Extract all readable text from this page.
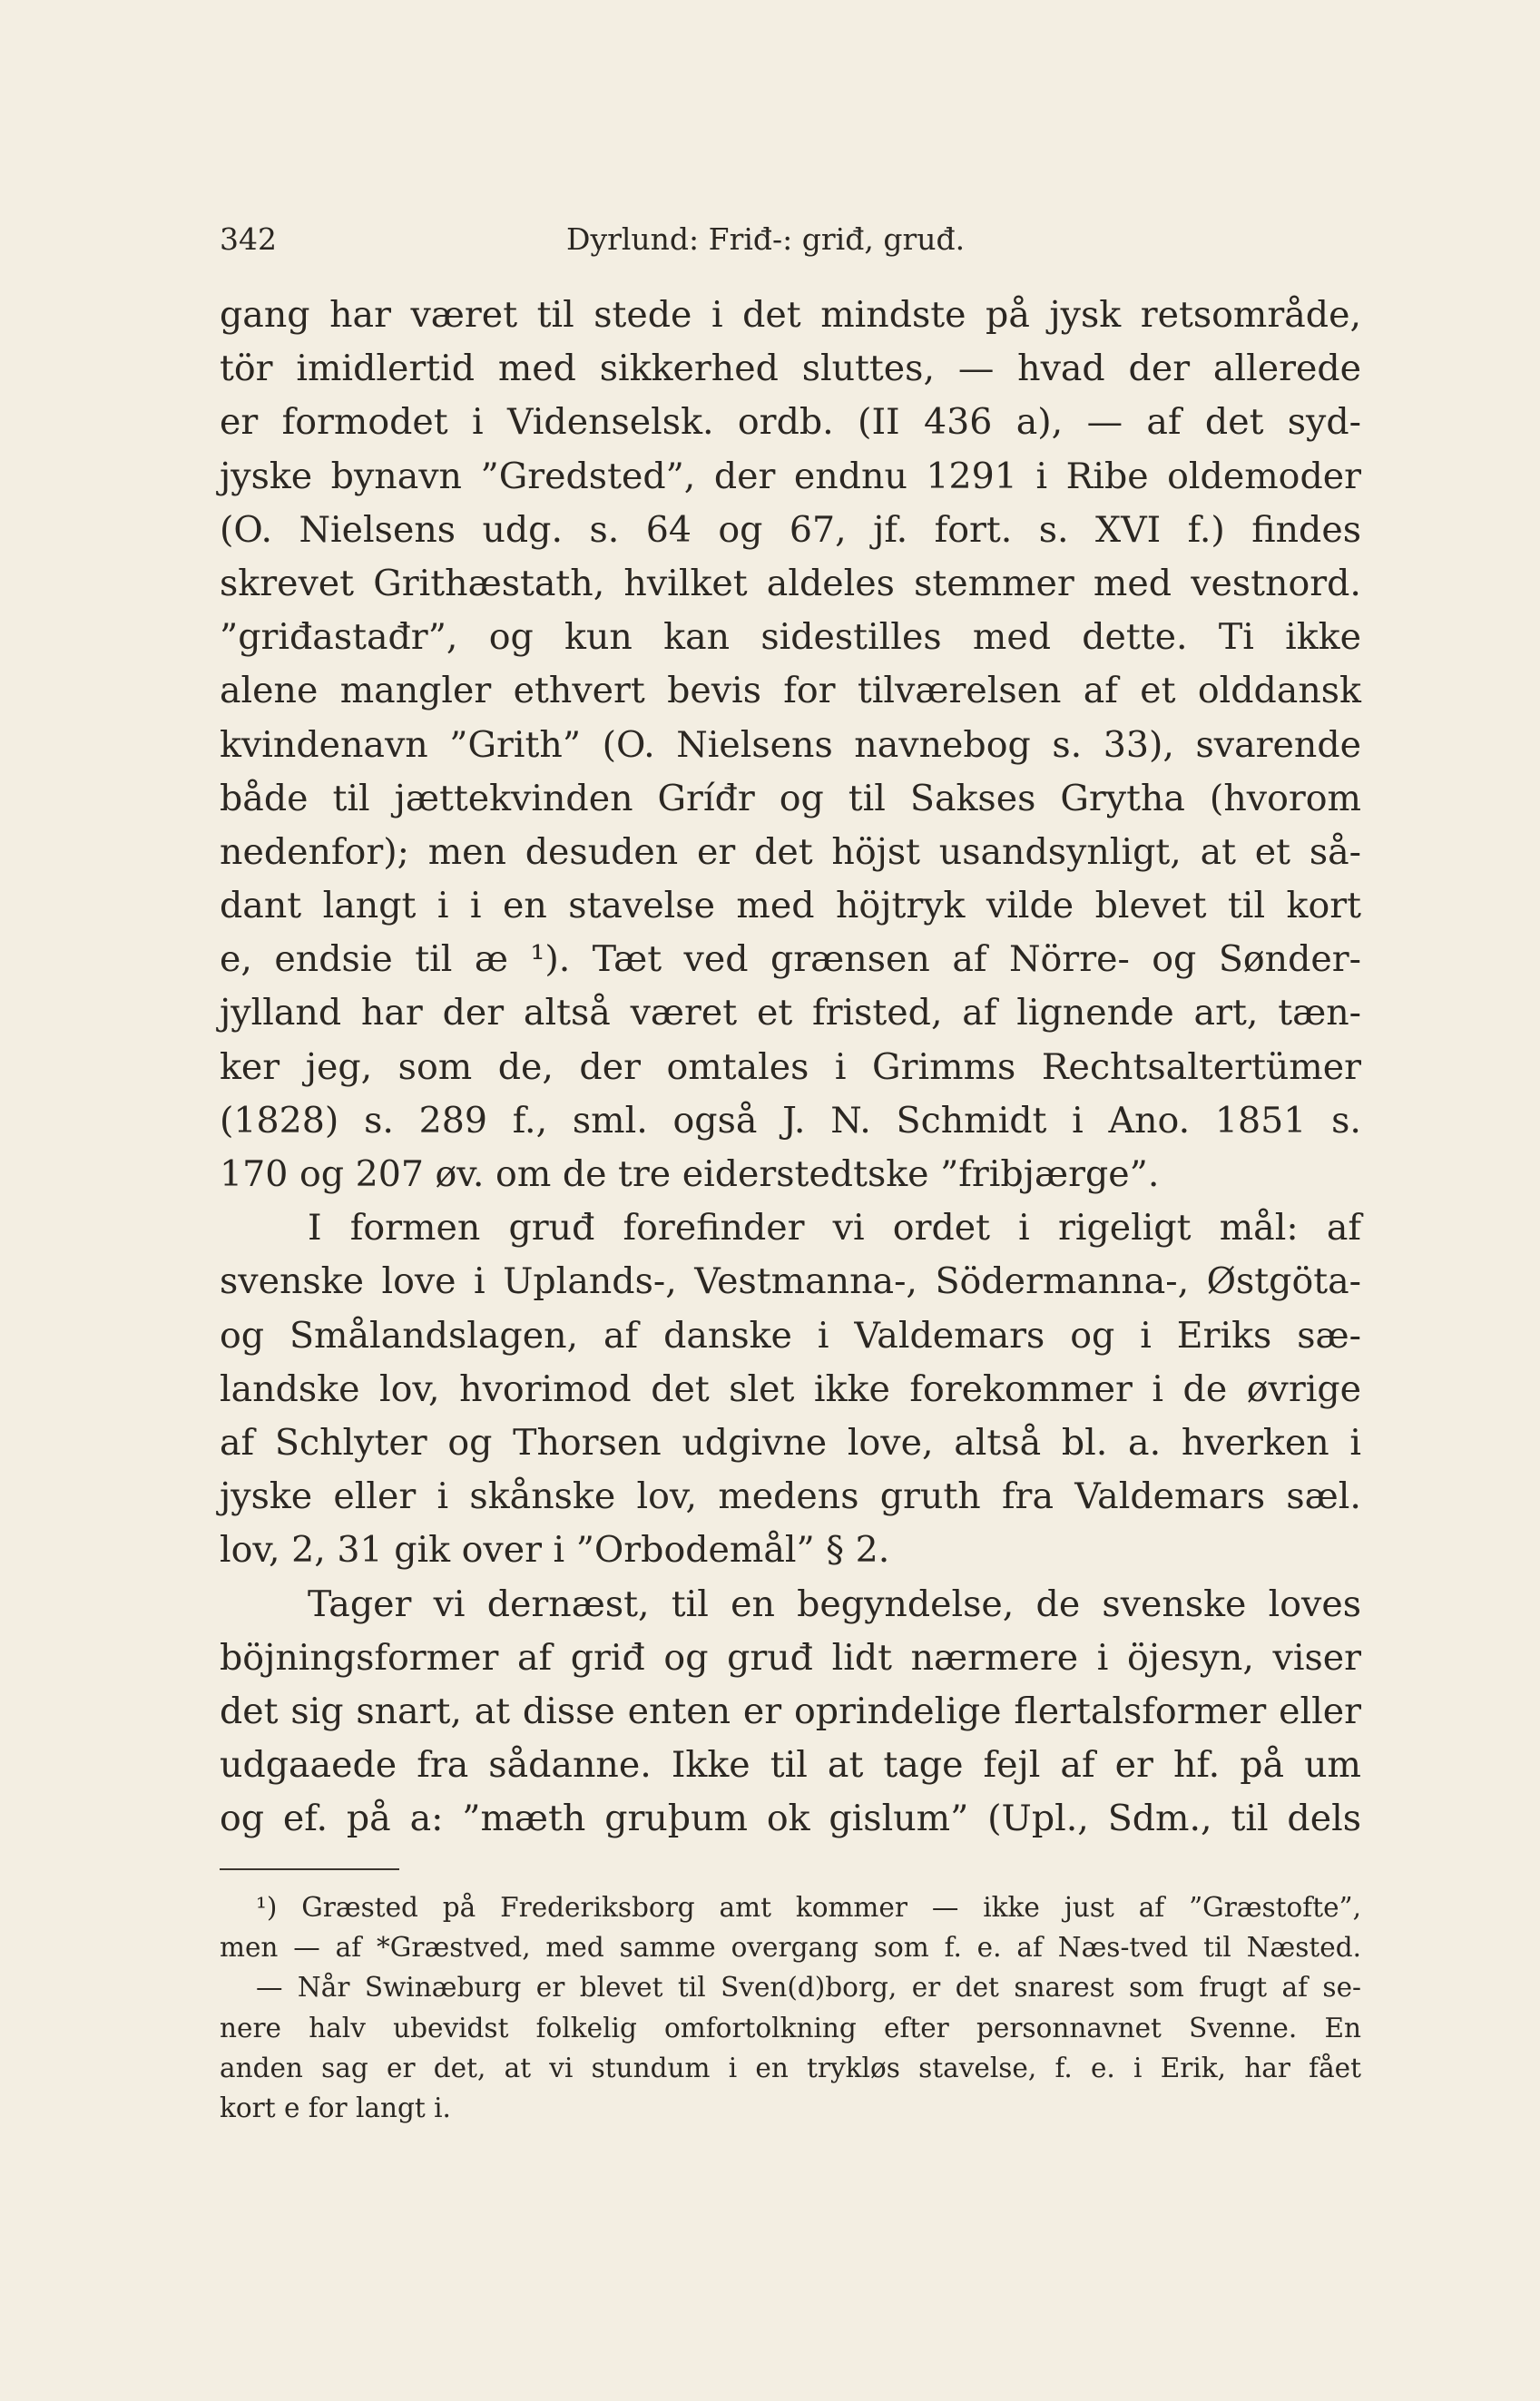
342	Dyrlund: Friđ-: griđ, gruđ.
gang har været til stede i det mindste på jysk retsområde,
tör imidlertid med sikkerhed sluttes, — hvad der allerede
er formodet i Videnselsk. ordb. (II 436 a), — af det syd-
jyske bynavn ”Gredsted”, der endnu 1291 i Ribe oldemoder
(O. Nielsens udg. s. 64 og 67, jf. fort. s. XVI f.) findes
skrevet Grithæstath, hvilket aldeles stemmer med vestnord.
”griđastađr”, og kun kan sidestilles med dette. Ti ikke
alene mangler ethvert bevis for tilværelsen af et olddansk
kvindenavn ”Grith” (O. Nielsens navnebog s. 33), svarende
både til jættekvinden Gríđr og til Sakses Grytha (hvorom
nedenfor); men desuden er det höjst usandsynligt, at et så-
dant langt i i en stavelse med höjtryk vilde blevet til kort
e, endsie til æ ¹). Tæt ved grænsen af Nörre- og Sønder-
jylland har der altså været et fristed, af lignende art, tæn-
ker jeg, som de, der omtales i Grimms Rechtsaltertümer
(1828) s. 289 f., sml. også J. N. Schmidt i Ano. 1851 s.
170 og 207 øv. om de tre eiderstedtske ”fribjærge”.
I formen gruđ forefinder vi ordet i rigeligt mål: af
svenske love i Uplands-, Vestmanna-, Södermanna-, Østgöta-
og Smålandslagen, af danske i Valdemars og i Eriks sæ-
landske lov, hvorimod det slet ikke forekommer i de øvrige
af Schlyter og Thorsen udgivne love, altså bl. a. hverken i
jyske eller i skånske lov, medens gruth fra Valdemars sæl.
lov, 2, 31 gik over i ”Orbodemål” § 2.
Tager vi dernæst, til en begyndelse, de svenske loves
böjningsformer af griđ og gruđ lidt nærmere i öjesyn, viser
det sig snart, at disse enten er oprindelige flertalsformer eller
udgaaede fra sådanne. Ikke til at tage fejl af er hf. på um
og ef. på a: ”mæth gruþum ok gislum” (Upl., Sdm., til dels
¹) Græsted på Frederiksborg amt kommer — ikke just af ”Græstofte”,
men — af *Græstved, med samme overgang som f. e. af Næs-tved til Næsted.
— Når Swinæburg er blevet til Sven(d)borg, er det snarest som frugt af se-
nere halv ubevidst folkelig omfortolkning efter personnavnet Svenne. En
anden sag er det, at vi stundum i en trykløs stavelse, f. e. i Erik, har fået
kort e for langt i.
